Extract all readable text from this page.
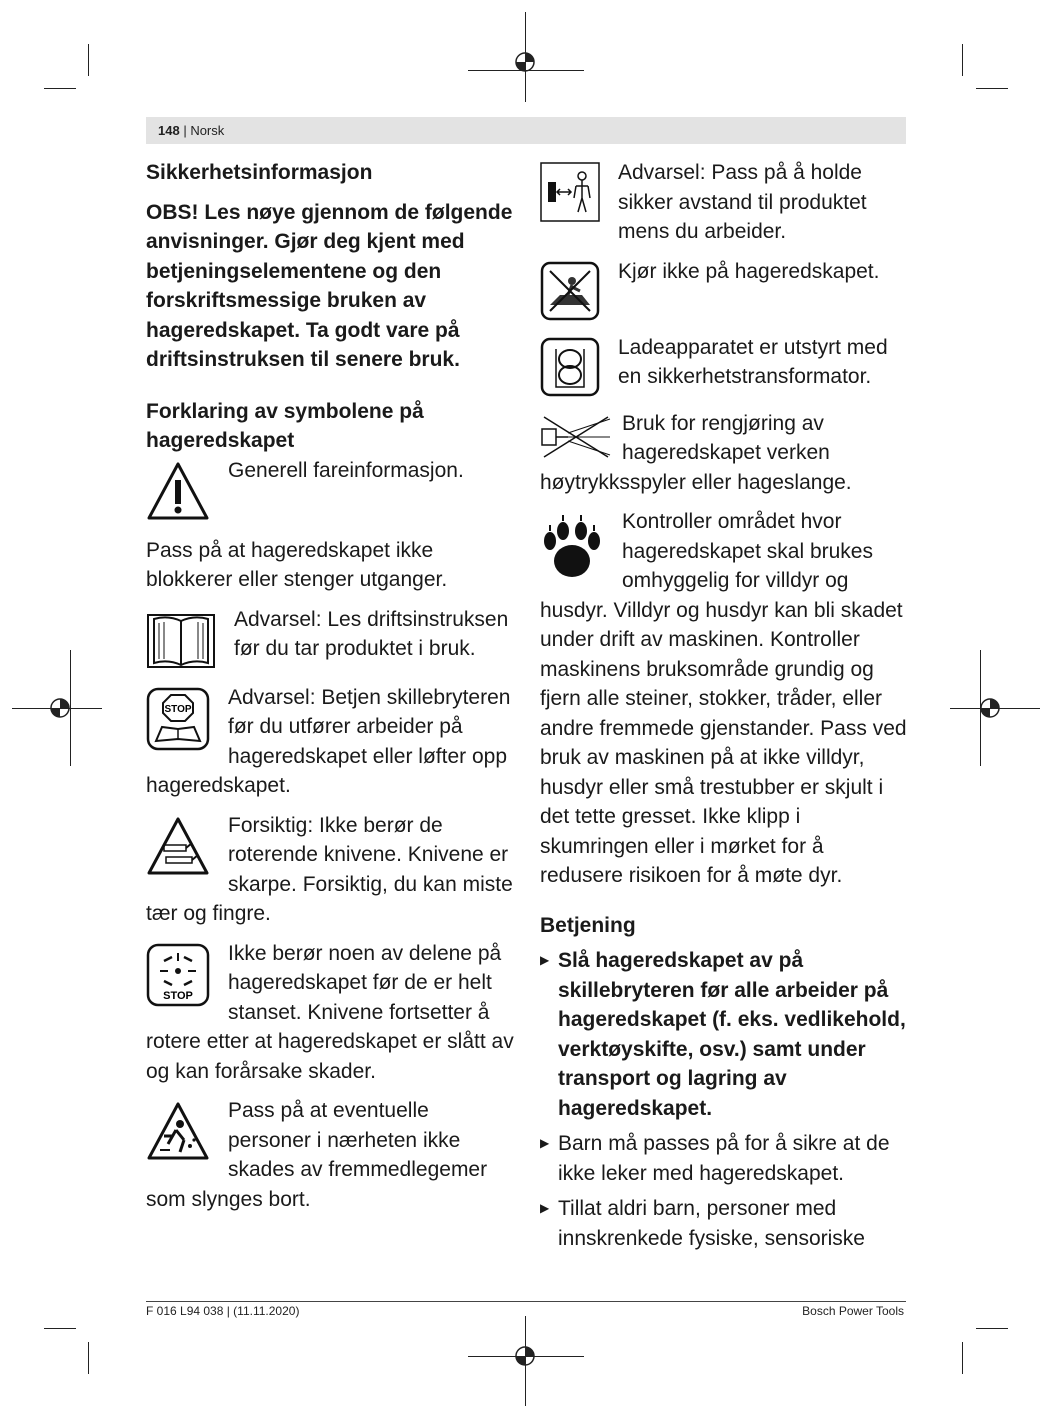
148 | Norsk

Sikkerhetsinformasjon

OBS! Les nøye gjennom de følgende anvisninger. Gjør deg kjent med betjeningselementene og den forskriftsmessige bruken av hageredskapet. Ta godt vare på driftsinstruksen til senere bruk.

Forklaring av symbolene på hageredskapet

Generell fareinformasjon.

Pass på at hageredskapet ikke blokkerer eller stenger utganger.

Advarsel: Les driftsinstruksen før du tar produktet i bruk.

STOP

Advarsel: Betjen skillebryteren før du utfører arbeider på hageredskapet eller løfter opp hageredskapet.

Forsiktig: Ikke berør de roterende knivene. Knivene er skarpe. Forsiktig, du kan miste tær og fingre.

STOP

Ikke berør noen av delene på hageredskapet før de er helt stanset. Knivene fortsetter å rotere etter at hageredskapet er slått av og kan forårsake skader.

Pass på at eventuelle personer i nærheten ikke skades av fremmedlegemer som slynges bort.

Advarsel: Pass på å holde sikker avstand til produktet mens du arbeider.

Kjør ikke på hageredskapet.

Ladeapparatet er utstyrt med en sikkerhetstransformator.

Bruk for rengjøring av hageredskapet verken høytrykksspyler eller hageslange.

Kontroller området hvor hageredskapet skal brukes omhyggelig for villdyr og husdyr. Villdyr og husdyr kan bli skadet under drift av maskinen. Kontroller maskinens bruksområde grundig og fjern alle steiner, stokker, tråder, eller andre fremmede gjenstander. Pass ved bruk av maskinen på at ikke villdyr, husdyr eller små trestubber er skjult i det tette gresset. Ikke klipp i skumringen eller i mørket for å redusere risikoen for å møte dyr.

Betjening

▶ Slå hageredskapet av på skillebryteren før alle arbeider på hageredskapet (f. eks. vedlikehold, verktøyskifte, osv.) samt under transport og lagring av hageredskapet.
▶ Barn må passes på for å sikre at de ikke leker med hageredskapet.
▶ Tillat aldri barn, personer med innskrenkede fysiske, sensoriske
F 016 L94 038 | (11.11.2020)	Bosch Power Tools
